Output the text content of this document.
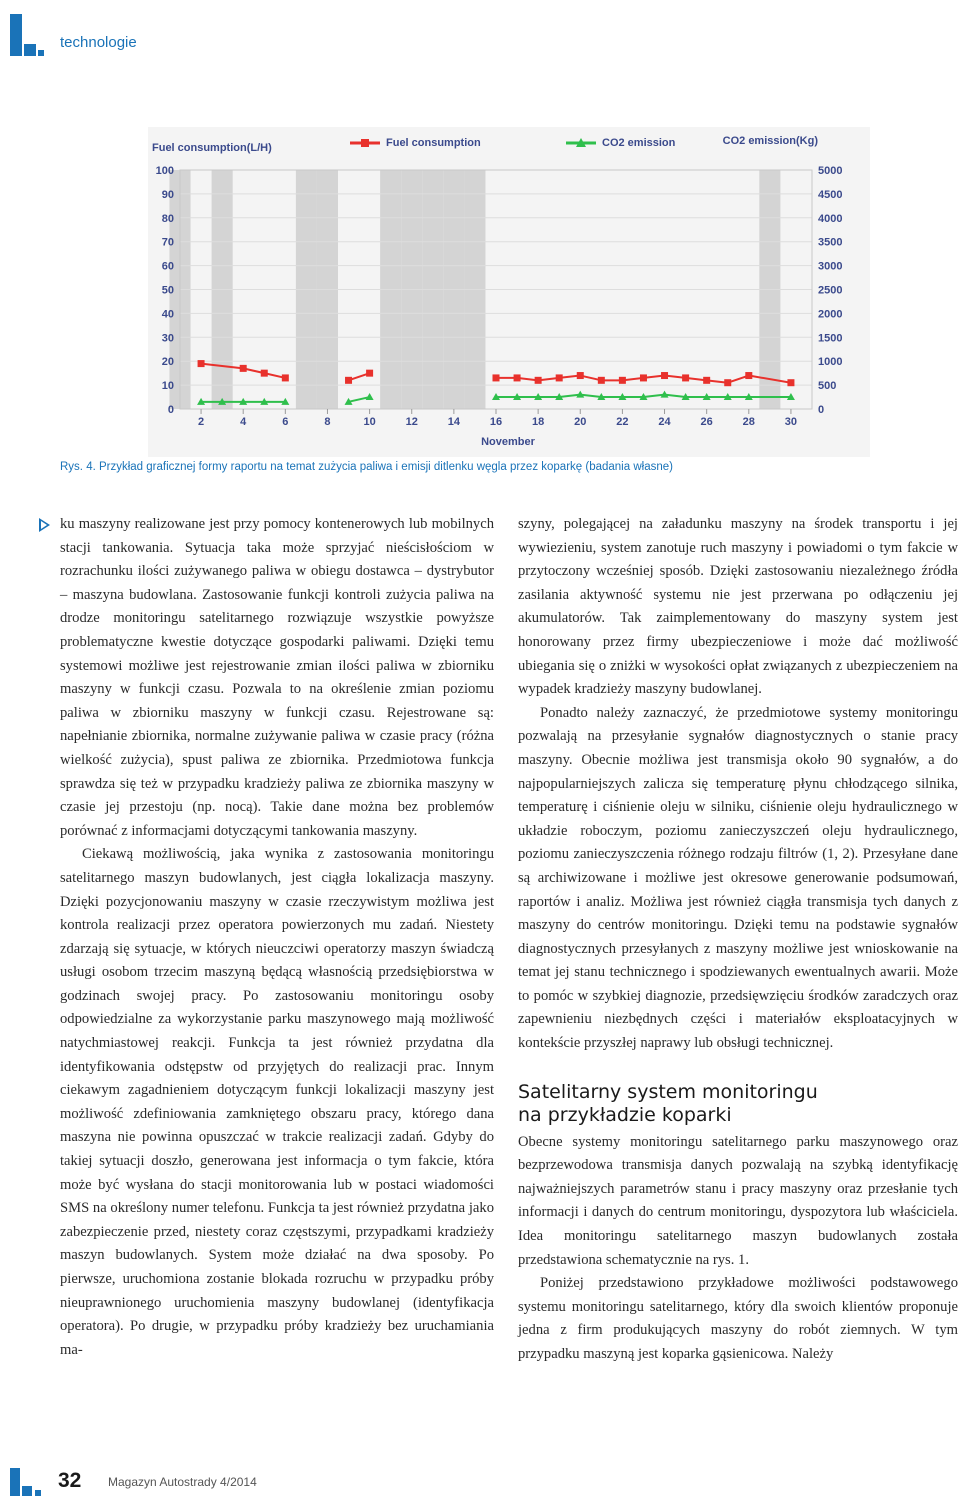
technologie
100
90
80
70
60
50
40
30
20
10
0
5000
4500
4000
3500
3000
2500
2000
1500
1000
500
0
2	4	6	8	10	12	14	16	18	20	22	24	26	28	30
Fuel consumption(L/H)
CO2 emission(Kg)
November
Fuel consumption	CO2 emission
Rys. 4. Przykład graficznej formy raportu na temat zużycia paliwa i emisji ditlenku węgla przez koparkę (badania własne)

ku maszyny realizowane jest przy pomocy kontenerowych lub mobilnych stacji tankowania. Sytuacja taka może sprzyjać nieścisłościom w rozrachunku ilości zużywanego paliwa w obiegu dostawca – dystrybutor – maszyna budowlana. Zastosowanie funkcji kontroli zużycia paliwa na drodze monitoringu satelitarnego rozwiązuje wszystkie powyższe problematyczne kwestie dotyczące gospodarki paliwami. Dzięki temu systemowi możliwe jest rejestrowanie zmian ilości paliwa w zbiorniku maszyny w funkcji czasu. Pozwala to na określenie zmian poziomu paliwa w zbiorniku maszyny w funkcji czasu. Rejestrowane są: napełnianie zbiornika, normalne zużywanie paliwa w czasie pracy (różna wielkość zużycia), spust paliwa ze zbiornika. Przedmiotowa funkcja sprawdza się też w przypadku kradzieży paliwa ze zbiornika maszyny w czasie jej przestoju (np. nocą). Takie dane można bez problemów porównać z informacjami dotyczącymi tankowania maszyny.

Ciekawą możliwością, jaka wynika z zastosowania monitoringu satelitarnego maszyn budowlanych, jest ciągła lokalizacja maszyny. Dzięki pozycjonowaniu maszyny w czasie rzeczywistym możliwa jest kontrola realizacji przez operatora powierzonych mu zadań. Niestety zdarzają się sytuacje, w których nieuczciwi operatorzy maszyn świadczą usługi osobom trzecim maszyną będącą własnością przedsiębiorstwa w godzinach swojej pracy. Po zastosowaniu monitoringu osoby odpowiedzialne za wykorzystanie parku maszynowego mają możliwość natychmiastowej reakcji. Funkcja ta jest również przydatna dla identyfikowania odstępstw od przyjętych do realizacji prac. Innym ciekawym zagadnieniem dotyczącym funkcji lokalizacji maszyny jest możliwość zdefiniowania zamkniętego obszaru pracy, którego dana maszyna nie powinna opuszczać w trakcie realizacji zadań. Gdyby do takiej sytuacji doszło, generowana jest informacja o tym fakcie, która może być wysłana do stacji monitorowania lub w postaci wiadomości SMS na określony numer telefonu. Funkcja ta jest również przydatna jako zabezpieczenie przed, niestety coraz częstszymi, przypadkami kradzieży maszyn budowlanych. System może działać na dwa sposoby. Po pierwsze, uruchomiona zostanie blokada rozruchu w przypadku próby nieuprawnionego uruchomienia maszyny budowlanej (identyfikacja operatora). Po drugie, w przypadku próby kradzieży bez uruchamiania ma-

szyny, polegającej na załadunku maszyny na środek transportu i jej wywiezieniu, system zanotuje ruch maszyny i powiadomi o tym fakcie w przytoczony wcześniej sposób. Dzięki zastosowaniu niezależnego źródła zasilania aktywność systemu nie jest przerwana po odłączeniu jej akumulatorów. Tak zaimplementowany do maszyny system jest honorowany przez firmy ubezpieczeniowe i może dać możliwość ubiegania się o zniżki w wysokości opłat związanych z ubezpieczeniem na wypadek kradzieży maszyny budowlanej.

Ponadto należy zaznaczyć, że przedmiotowe systemy monitoringu pozwalają na przesyłanie sygnałów diagnostycznych o stanie pracy maszyny. Obecnie możliwa jest transmisja około 90 sygnałów, a do najpopularniejszych zalicza się temperaturę płynu chłodzącego silnika, temperaturę i ciśnienie oleju w silniku, ciśnienie oleju hydraulicznego w układzie roboczym, poziomu zanieczyszczeń oleju hydraulicznego, poziomu zanieczyszczenia różnego rodzaju filtrów (1, 2). Przesyłane dane są archiwizowane i możliwe jest okresowe generowanie podsumowań, raportów i analiz. Możliwa jest również ciągła transmisja tych danych z maszyny do centrów monitoringu. Dzięki temu na podstawie sygnałów diagnostycznych przesyłanych z maszyny możliwe jest wnioskowanie na temat jej stanu technicznego i spodziewanych ewentualnych awarii. Może to pomóc w szybkiej diagnozie, przedsięwzięciu środków zaradczych oraz zapewnieniu niezbędnych części i materiałów eksploatacyjnych w kontekście przyszłej naprawy lub obsługi technicznej.

Satelitarny system monitoringu
na przykładzie koparki

Obecne systemy monitoringu satelitarnego parku maszynowego oraz bezprzewodowa transmisja danych pozwalają na szybką identyfikację najważniejszych parametrów stanu i pracy maszyny oraz przesłanie tych informacji i danych do centrum monitoringu, dyspozytora lub właściciela. Idea monitoringu satelitarnego maszyn budowlanych została przedstawiona schematycznie na rys. 1.

Poniżej przedstawiono przykładowe możliwości podstawowego systemu monitoringu satelitarnego, który dla swoich klientów proponuje jedna z firm produkujących maszyny do robót ziemnych. W tym przypadku maszyną jest koparka gąsienicowa. Należy

32 Magazyn Autostrady 4/2014
